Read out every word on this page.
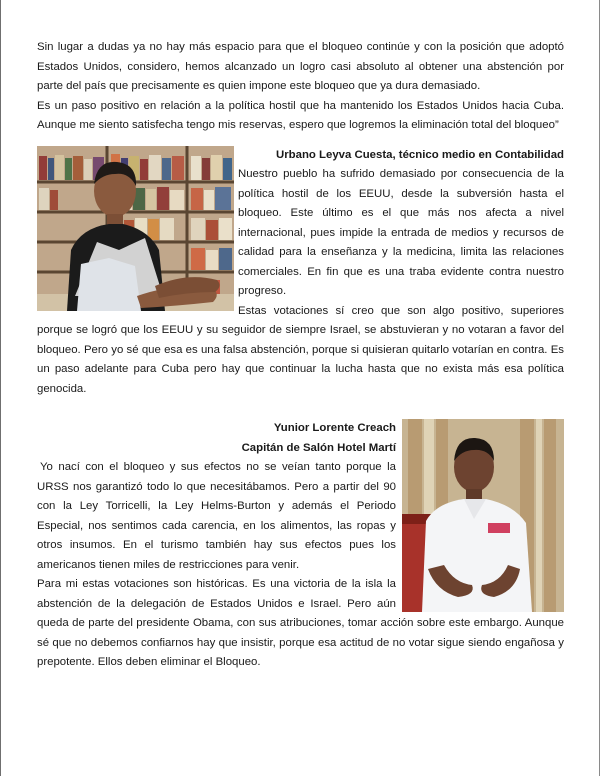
Sin lugar a dudas ya no hay más espacio para que el bloqueo continúe y con la posición que adoptó Estados Unidos, considero, hemos alcanzado un logro casi absoluto al obtener una abstención por parte del país que precisamente es quien impone este bloqueo que ya dura demasiado.

Es un paso positivo en relación a la política hostil que ha mantenido los Estados Unidos hacia Cuba. Aunque me siento satisfecha tengo mis reservas, espero que logremos la eliminación total del bloqueo”

Urbano Leyva Cuesta, técnico medio en Contabilidad

Nuestro pueblo ha sufrido demasiado por consecuencia de la política hostil de los EEUU, desde la subversión hasta el bloqueo. Este último es el que más nos afecta a nivel internacional, pues impide la entrada de medios y recursos de calidad para la enseñanza y la medicina, limita las relaciones comerciales. En fin que es una traba evidente contra nuestro progreso.

Estas votaciones sí creo que son algo positivo, superiores porque se logró que los EEUU y su seguidor de siempre Israel, se abstuvieran y no votaran a favor del bloqueo. Pero yo sé que esa es una falsa abstención, porque si quisieran quitarlo votarían en contra. Es un paso adelante para Cuba pero hay que continuar la lucha hasta que no exista más esa política genocida.

Yunior Lorente Creach

Capitán de Salón Hotel Martí

Yo nací con el bloqueo y sus efectos no se veían tanto porque la URSS nos garantizó todo lo que necesitábamos. Pero a partir del 90 con la Ley Torricelli, la Ley Helms-Burton y además el Periodo Especial, nos sentimos cada carencia, en los alimentos, las ropas y otros insumos. En el turismo también hay sus efectos pues los americanos tienen miles de restricciones para venir.

Para mi estas votaciones son históricas. Es una victoria de la isla la abstención de la delegación de Estados Unidos e Israel. Pero aún queda de parte del presidente Obama, con sus atribuciones, tomar acción sobre este embargo. Aunque sé que no debemos confiarnos hay que insistir, porque esa actitud de no votar sigue siendo engañosa y prepotente. Ellos deben eliminar el Bloqueo.
